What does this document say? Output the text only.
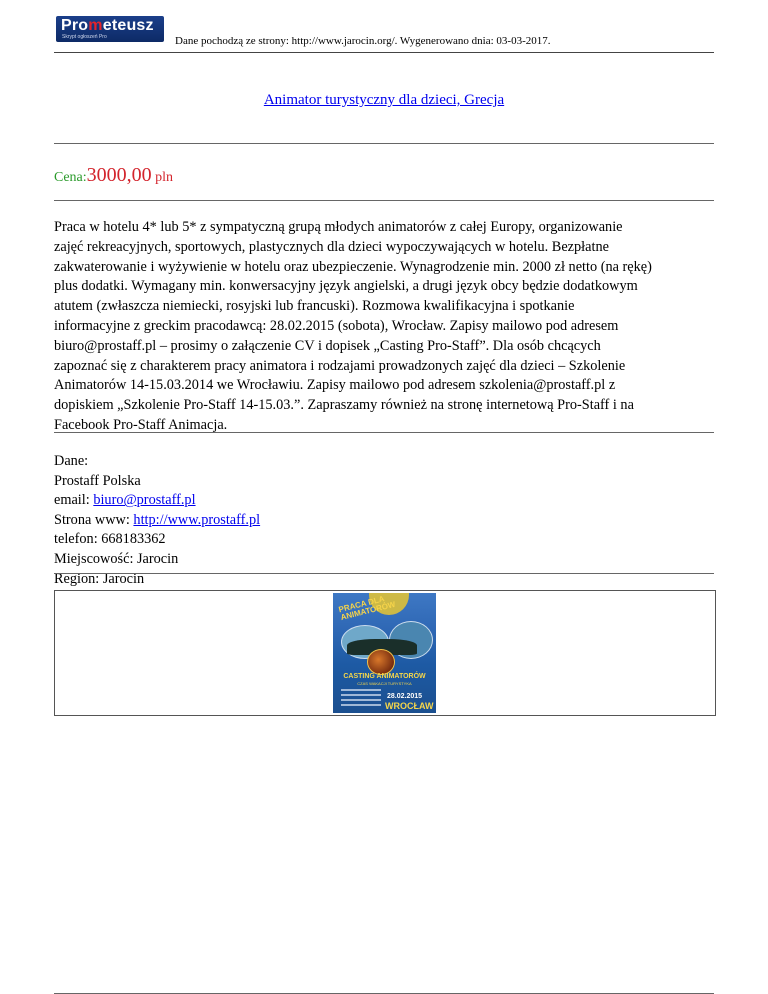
Prometeusz
Skrypt ogłoszeń Pro	Dane pochodzą ze strony: http://www.jarocin.org/. Wygenerowano dnia: 03-03-2017.
Animator turystyczny dla dzieci, Grecja
Cena:3000,00 pln
Praca w hotelu 4* lub 5* z sympatyczną grupą młodych animatorów z całej Europy, organizowanie
zajęć rekreacyjnych, sportowych, plastycznych dla dzieci wypoczywających w hotelu. Bezpłatne
zakwaterowanie i wyżywienie w hotelu oraz ubezpieczenie. Wynagrodzenie min. 2000 zł netto (na rękę)
plus dodatki. Wymagany min. konwersacyjny język angielski, a drugi język obcy będzie dodatkowym
atutem (zwłaszcza niemiecki, rosyjski lub francuski). Rozmowa kwalifikacyjna i spotkanie
informacyjne z greckim pracodawcą: 28.02.2015 (sobota), Wrocław. Zapisy mailowo pod adresem
biuro@prostaff.pl – prosimy o załączenie CV i dopisek „Casting Pro-Staff”. Dla osób chcących
zapoznać się z charakterem pracy animatora i rodzajami prowadzonych zajęć dla dzieci – Szkolenie
Animatorów 14-15.03.2014 we Wrocławiu. Zapisy mailowo pod adresem szkolenia@prostaff.pl z
dopiskiem „Szkolenie Pro-Staff 14-15.03.”. Zapraszamy również na stronę internetową Pro-Staff i na
Facebook Pro-Staff Animacja.
Dane:
Prostaff Polska
email: biuro@prostaff.pl
Strona www: http://www.prostaff.pl
telefon: 668183362
Miejscowość: Jarocin
Region: Jarocin
PRACA DLA ANIMATORÓW
CASTING ANIMATORÓW
CZAS WAKACJI TURYSTYKA
28.02.2015
WROCŁAW
